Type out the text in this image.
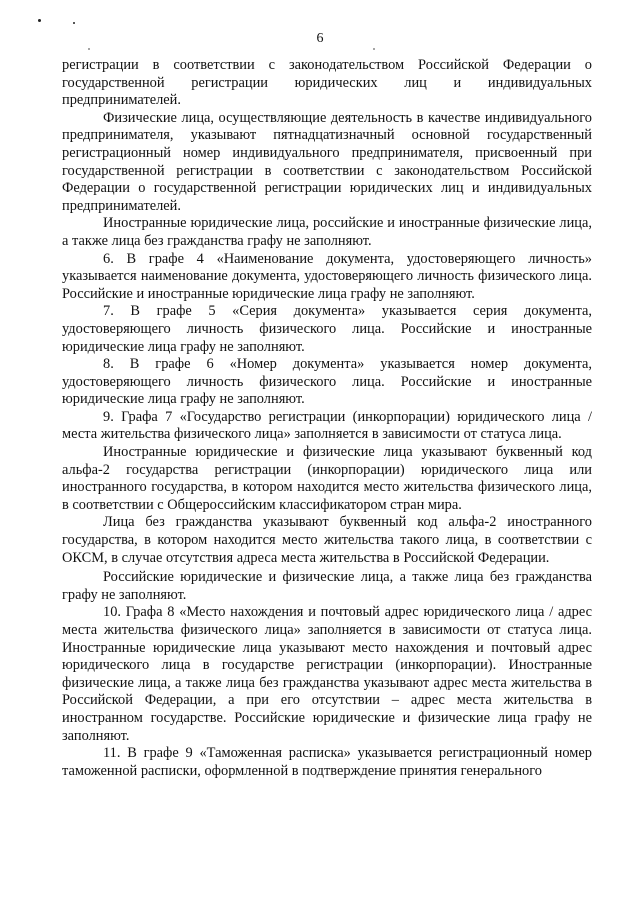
6

регистрации в соответствии с законодательством Российской Федерации о государственной регистрации юридических лиц и индивидуальных предпринимателей.

Физические лица, осуществляющие деятельность в качестве индивидуального предпринимателя, указывают пятнадцатизначный основной государственный регистрационный номер индивидуального предпринимателя, присвоенный при государственной регистрации в соответствии с законодательством Российской Федерации о государственной регистрации юридических лиц и индивидуальных предпринимателей.

Иностранные юридические лица, российские и иностранные физические лица, а также лица без гражданства графу не заполняют.

6. В графе 4 «Наименование документа, удостоверяющего личность» указывается наименование документа, удостоверяющего личность физического лица. Российские и иностранные юридические лица графу не заполняют.

7. В графе 5 «Серия документа» указывается серия документа, удостоверяющего личность физического лица. Российские и иностранные юридические лица графу не заполняют.

8. В графе 6 «Номер документа» указывается номер документа, удостоверяющего личность физического лица. Российские и иностранные юридические лица графу не заполняют.

9. Графа 7 «Государство регистрации (инкорпорации) юридического лица / места жительства физического лица» заполняется в зависимости от статуса лица.

Иностранные юридические и физические лица указывают буквенный код альфа-2 государства регистрации (инкорпорации) юридического лица или иностранного государства, в котором находится место жительства физического лица, в соответствии с Общероссийским классификатором стран мира.

Лица без гражданства указывают буквенный код альфа-2 иностранного государства, в котором находится место жительства такого лица, в соответствии с ОКСМ, в случае отсутствия адреса места жительства в Российской Федерации.

Российские юридические и физические лица, а также лица без гражданства графу не заполняют.

10. Графа 8 «Место нахождения и почтовый адрес юридического лица / адрес места жительства физического лица» заполняется в зависимости от статуса лица. Иностранные юридические лица указывают место нахождения и почтовый адрес юридического лица в государстве регистрации (инкорпорации). Иностранные физические лица, а также лица без гражданства указывают адрес места жительства в Российской Федерации, а при его отсутствии – адрес места жительства в иностранном государстве. Российские юридические и физические лица графу не заполняют.

11. В графе 9 «Таможенная расписка» указывается регистрационный номер таможенной расписки, оформленной в подтверждение принятия генерального
